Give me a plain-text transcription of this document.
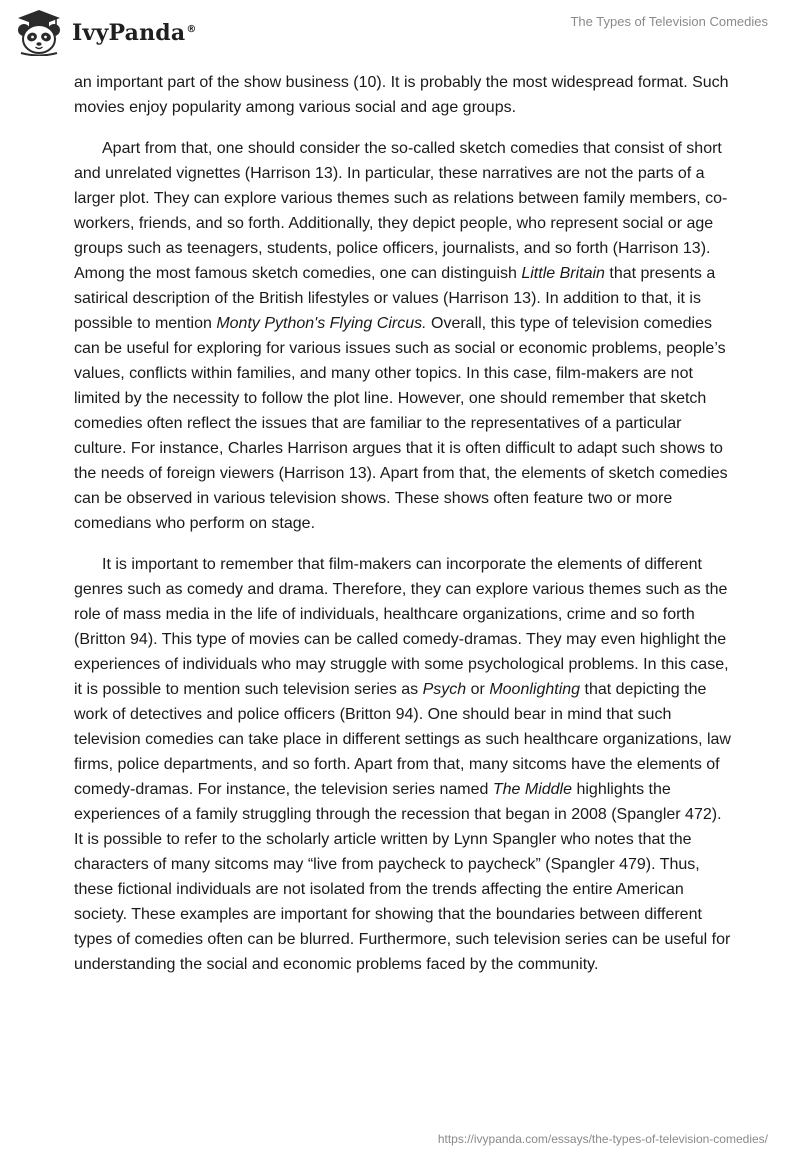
IvyPanda®
The Types of Television Comedies

an important part of the show business (10). It is probably the most widespread format. Such movies enjoy popularity among various social and age groups.

Apart from that, one should consider the so-called sketch comedies that consist of short and unrelated vignettes (Harrison 13). In particular, these narratives are not the parts of a larger plot. They can explore various themes such as relations between family members, co-workers, friends, and so forth. Additionally, they depict people, who represent social or age groups such as teenagers, students, police officers, journalists, and so forth (Harrison 13). Among the most famous sketch comedies, one can distinguish Little Britain that presents a satirical description of the British lifestyles or values (Harrison 13). In addition to that, it is possible to mention Monty Python's Flying Circus. Overall, this type of television comedies can be useful for exploring for various issues such as social or economic problems, people’s values, conflicts within families, and many other topics. In this case, film-makers are not limited by the necessity to follow the plot line. However, one should remember that sketch comedies often reflect the issues that are familiar to the representatives of a particular culture. For instance, Charles Harrison argues that it is often difficult to adapt such shows to the needs of foreign viewers (Harrison 13). Apart from that, the elements of sketch comedies can be observed in various television shows. These shows often feature two or more comedians who perform on stage.

It is important to remember that film-makers can incorporate the elements of different genres such as comedy and drama. Therefore, they can explore various themes such as the role of mass media in the life of individuals, healthcare organizations, crime and so forth (Britton 94). This type of movies can be called comedy-dramas. They may even highlight the experiences of individuals who may struggle with some psychological problems. In this case, it is possible to mention such television series as Psych or Moonlighting that depicting the work of detectives and police officers (Britton 94). One should bear in mind that such television comedies can take place in different settings as such healthcare organizations, law firms, police departments, and so forth. Apart from that, many sitcoms have the elements of comedy-dramas. For instance, the television series named The Middle highlights the experiences of a family struggling through the recession that began in 2008 (Spangler 472). It is possible to refer to the scholarly article written by Lynn Spangler who notes that the characters of many sitcoms may “live from paycheck to paycheck” (Spangler 479). Thus, these fictional individuals are not isolated from the trends affecting the entire American society. These examples are important for showing that the boundaries between different types of comedies often can be blurred. Furthermore, such television series can be useful for understanding the social and economic problems faced by the community.

https://ivypanda.com/essays/the-types-of-television-comedies/
